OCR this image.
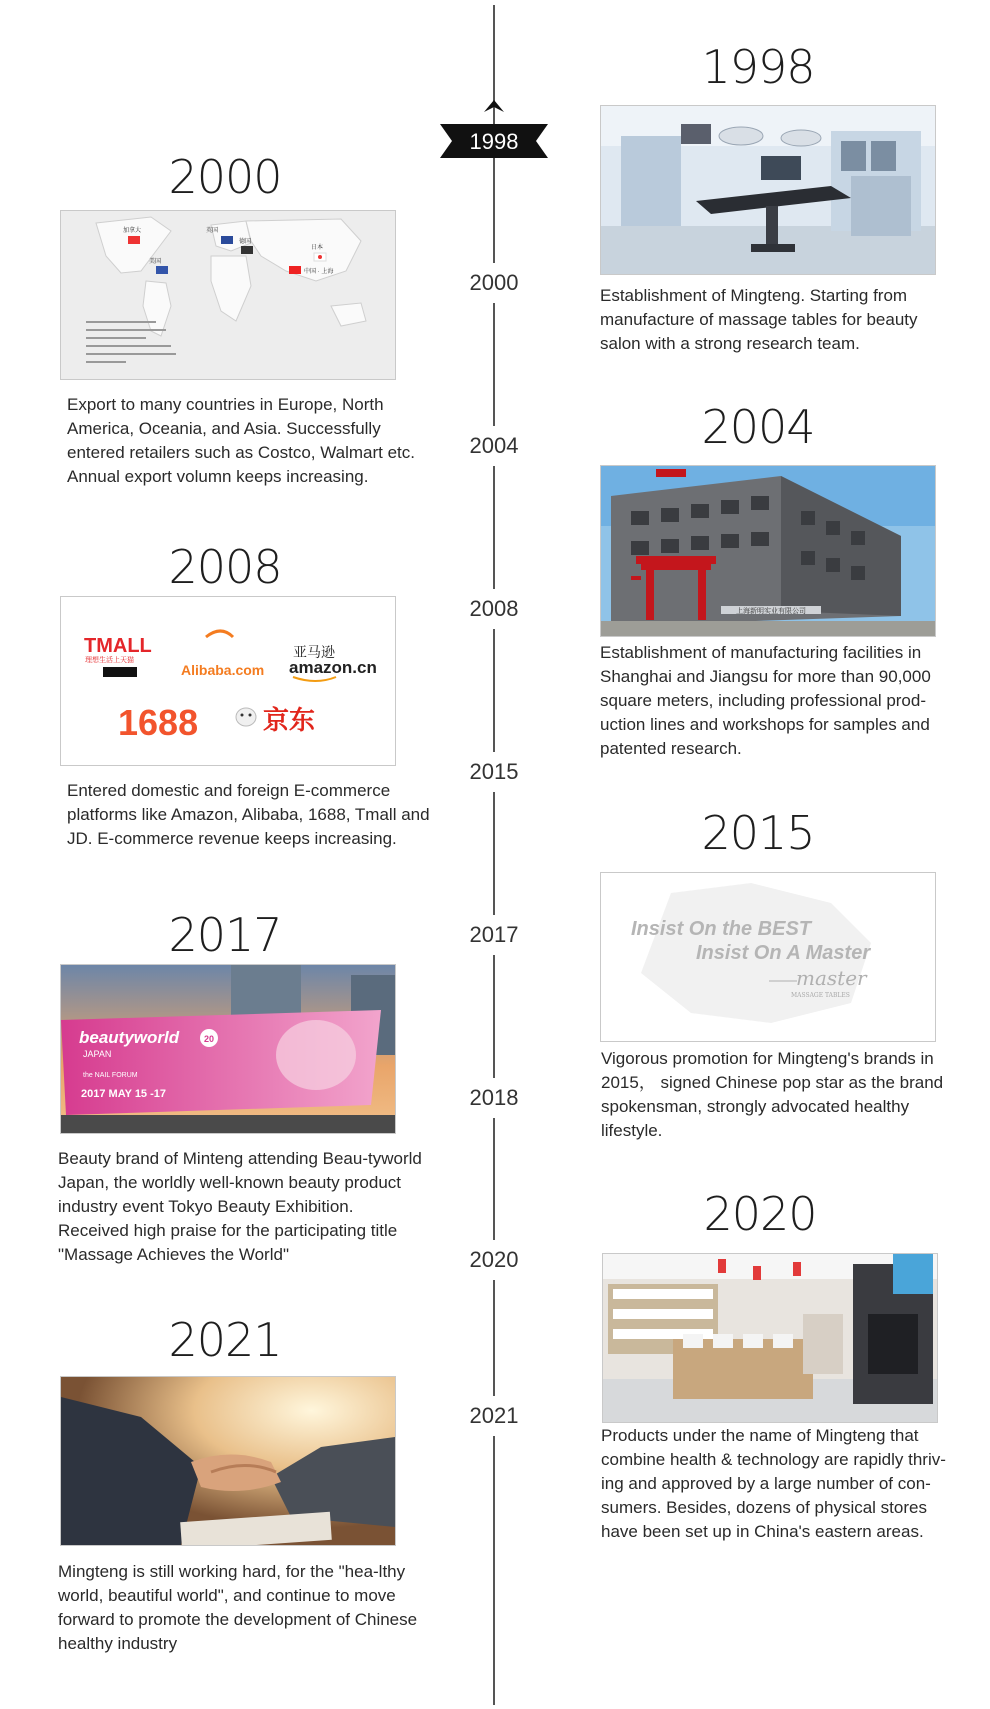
1998
2000
2004
2008
2015
2017
2018
2020
2021
1998
Establishment of Mingteng. Starting from manufacture of massage tables for beauty salon with a strong research team.
2004
上海新明实业有限公司
Establishment of manufacturing facilities in Shanghai and Jiangsu for more than 90,000 square meters, including professional prod-uction lines and workshops for samples and patented research.
2015
Insist On the BEST
Insist On A Master
master
MASSAGE TABLES
Vigorous promotion for Mingteng's brands in 2015， signed Chinese pop star as the brand spokensman, strongly advocated healthy lifestyle.
2020
Products under the name of Mingteng that combine health & technology are rapidly thriv-ing and approved by a large number of con-sumers. Besides, dozens of physical stores have been set up in China's eastern areas.
2000
加拿大
美国
英国
德国
日本
中国 · 上海
Export to many countries in Europe, North America, Oceania, and Asia. Successfully entered retailers such as Costco, Walmart etc. Annual export volumn keeps increasing.
2008
TMALL
理想生活上天猫
Alibaba.com
亚马逊
amazon.cn
1688 京东
Entered domestic and foreign E-commerce platforms like Amazon, Alibaba, 1688, Tmall and JD. E-commerce revenue keeps increasing.
2017
beautyworld
JAPAN
20
the NAIL FORUM
2017 MAY 15 -17
Beauty brand of Minteng attending Beau-tyworld Japan, the worldly well-known beauty product industry event Tokyo Beauty Exhibition. Received high praise for the participating title "Massage Achieves the World"
2021
Mingteng is still working hard, for the "hea-lthy world, beautiful world", and continue to move forward to promote the development of Chinese healthy industry
